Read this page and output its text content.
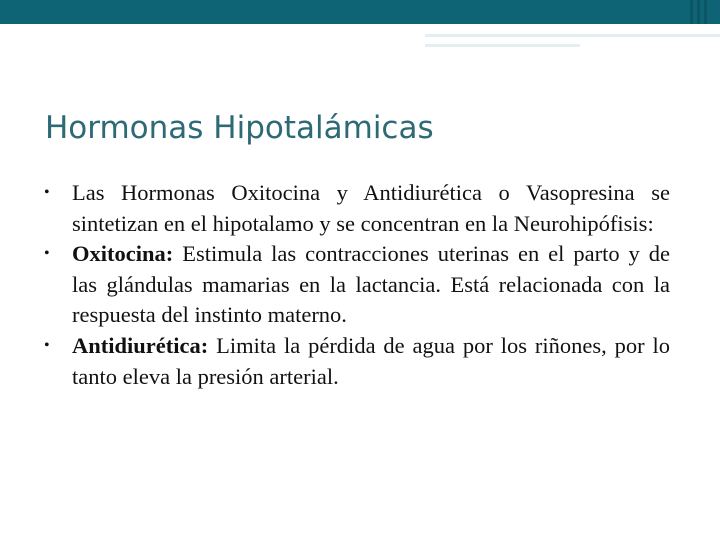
Hormonas Hipotalámicas
• Las Hormonas Oxitocina y Antidiurética o Vasopresina se sintetizan en el hipotalamo y se concentran en la Neurohipófisis:
• Oxitocina: Estimula las contracciones uterinas en el parto y de las glándulas mamarias en la lactancia. Está relacionada con la respuesta del instinto materno.
• Antidiurética: Limita la pérdida de agua por los riñones, por lo tanto eleva la presión arterial.
